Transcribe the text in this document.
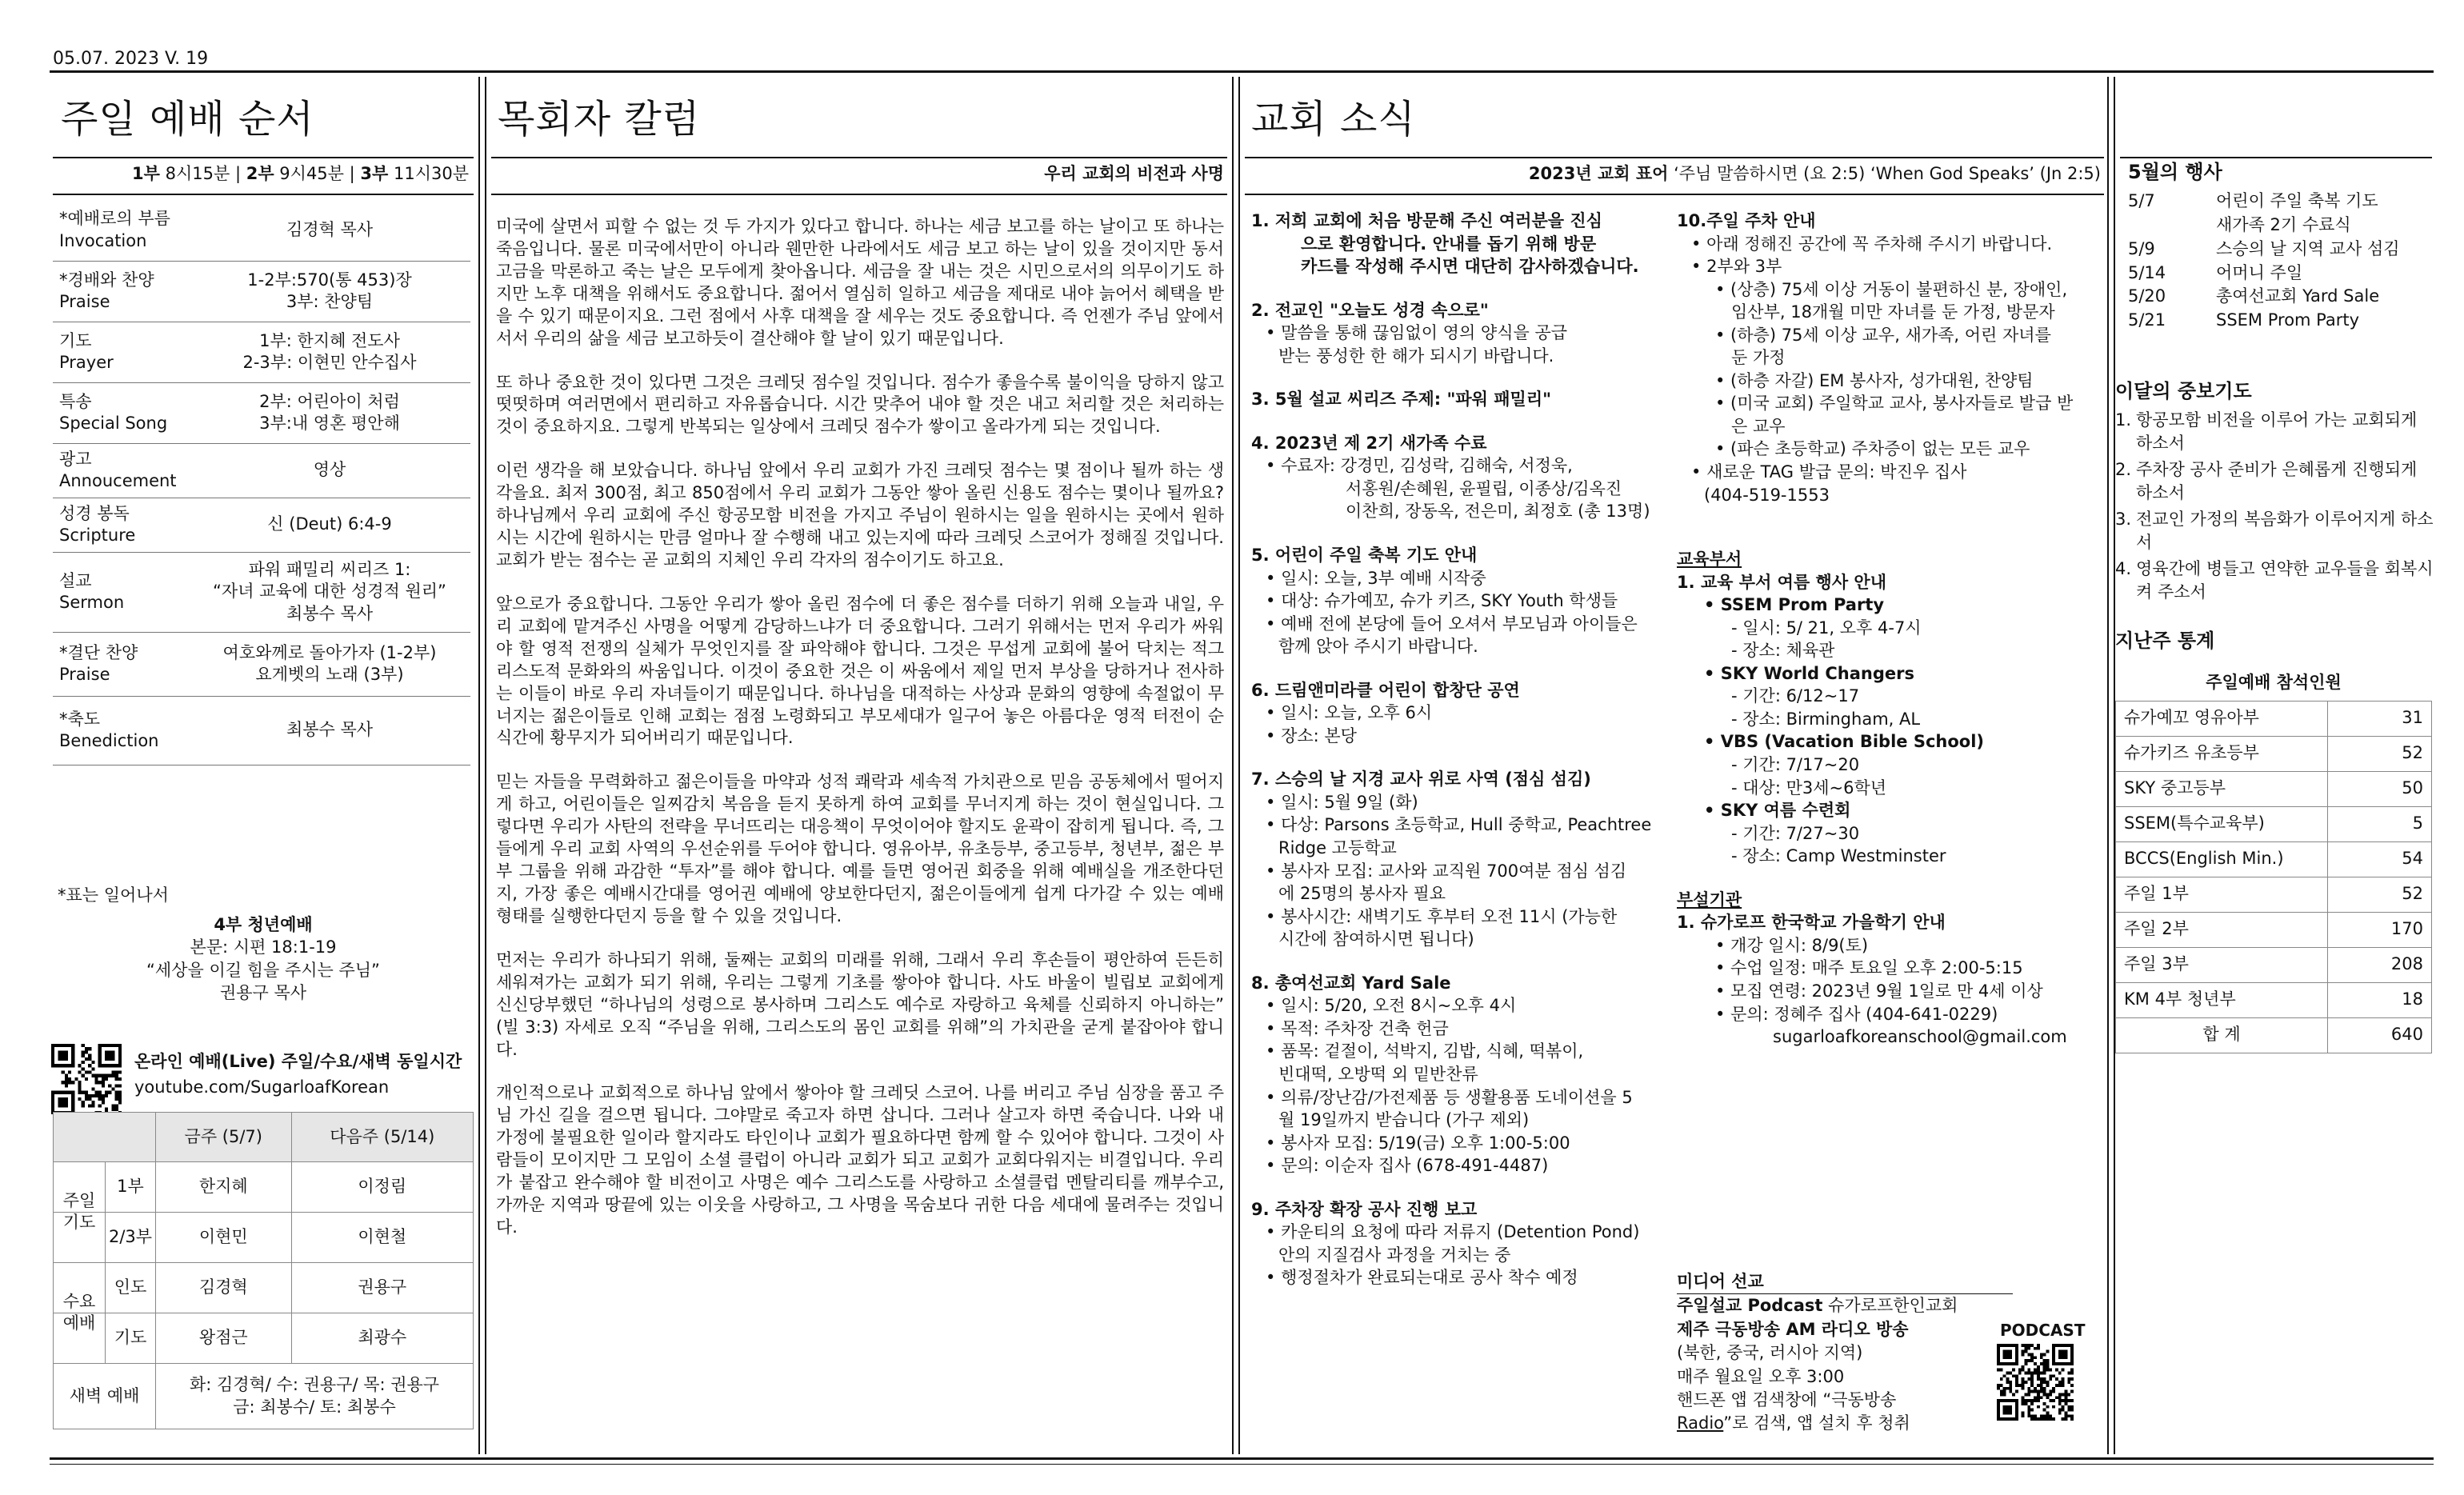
05.07. 2023 V. 19
주일 예배 순서
1부 8시15분 | 2부 9시45분 | 3부 11시30분
*예배로의 부름
Invocation	김경혁 목사

*경배와 찬양
Praise	1-2부:570(통 453)장
3부: 찬양팀

기도
Prayer	1부: 한지혜 전도사
2-3부: 이현민 안수집사

특송
Special Song	2부: 어린아이 처럼
3부:내 영혼 평안해

광고
Annoucement	영상

성경 봉독
Scripture	신 (Deut) 6:4-9

설교
Sermon	파워 패밀리 씨리즈 1:
“자녀 교육에 대한 성경적 원리”
최봉수 목사

*결단 찬양
Praise	여호와께로 돌아가자 (1-2부)
요게벳의 노래 (3부)

*축도
Benediction	최봉수 목사
*표는 일어나서
4부 청년예배
본문: 시편 18:1-19
“세상을 이길 힘을 주시는 주님”
권용구 목사
온라인 예배(Live) 주일/수요/새벽 동일시간
youtube.com/SugarloafKorean
	금주 (5/7)	다음주 (5/14)

주일
기도
1부	한지혜	이정림

2/3부	이현민	이현철

수요
예배
인도	김경혁	권용구

기도	왕점근	최광수
새벽 예배	화: 김경혁/ 수: 권용구/ 목: 권용구
금: 최봉수/ 토: 최봉수	
목회자 칼럼
우리 교회의 비전과 사명

미국에 살면서 피할 수 없는 것 두 가지가 있다고 합니다. 하나는 세금 보고를 하는 날이고 또 하나는 죽음입니다. 물론 미국에서만이 아니라 웬만한 나라에서도 세금 보고 하는 날이 있을 것이지만 동서고금을 막론하고 죽는 날은 모두에게 찾아옵니다. 세금을 잘 내는 것은 시민으로서의 의무이기도 하지만 노후 대책을 위해서도 중요합니다. 젊어서 열심히 일하고 세금을 제대로 내야 늙어서 혜택을 받을 수 있기 때문이지요. 그런 점에서 사후 대책을 잘 세우는 것도 중요합니다. 즉 언젠가 주님 앞에서 서서 우리의 삶을 세금 보고하듯이 결산해야 할 날이 있기 때문입니다.

또 하나 중요한 것이 있다면 그것은 크레딧 점수일 것입니다. 점수가 좋을수록 불이익을 당하지 않고 떳떳하며 여러면에서 편리하고 자유롭습니다. 시간 맞추어 내야 할 것은 내고 처리할 것은 처리하는 것이 중요하지요. 그렇게 반복되는 일상에서 크레딧 점수가 쌓이고 올라가게 되는 것입니다.

이런 생각을 해 보았습니다. 하나님 앞에서 우리 교회가 가진 크레딧 점수는 몇 점이나 될까 하는 생각을요. 최저 300점, 최고 850점에서 우리 교회가 그동안 쌓아 올린 신용도 점수는 몇이나 될까요? 하나님께서 우리 교회에 주신 항공모함 비전을 가지고 주님이 원하시는 일을 원하시는 곳에서 원하시는 시간에 원하시는 만큼 얼마나 잘 수행해 내고 있는지에 따라 크레딧 스코어가 정해질 것입니다. 교회가 받는 점수는 곧 교회의 지체인 우리 각자의 점수이기도 하고요.

앞으로가 중요합니다. 그동안 우리가 쌓아 올린 점수에 더 좋은 점수를 더하기 위해 오늘과 내일, 우리 교회에 맡겨주신 사명을 어떻게 감당하느냐가 더 중요합니다. 그러기 위해서는 먼저 우리가 싸워야 할 영적 전쟁의 실체가 무엇인지를 잘 파악해야 합니다. 그것은 무섭게 교회에 불어 닥치는 적그리스도적 문화와의 싸움입니다. 이것이 중요한 것은 이 싸움에서 제일 먼저 부상을 당하거나 전사하는 이들이 바로 우리 자녀들이기 때문입니다. 하나님을 대적하는 사상과 문화의 영향에 속절없이 무너지는 젊은이들로 인해 교회는 점점 노령화되고 부모세대가 일구어 놓은 아름다운 영적 터전이 순식간에 황무지가 되어버리기 때문입니다.

믿는 자들을 무력화하고 젊은이들을 마약과 성적 쾌락과 세속적 가치관으로 믿음 공동체에서 떨어지게 하고, 어린이들은 일찌감치 복음을 듣지 못하게 하여 교회를 무너지게 하는 것이 현실입니다. 그렇다면 우리가 사탄의 전략을 무너뜨리는 대응책이 무엇이어야 할지도 윤곽이 잡히게 됩니다. 즉, 그들에게 우리 교회 사역의 우선순위를 두어야 합니다. 영유아부, 유초등부, 중고등부, 청년부, 젊은 부부 그룹을 위해 과감한 “투자”를 해야 합니다. 예를 들면 영어권 회중을 위해 예배실을 개조한다던지, 가장 좋은 예배시간대를 영어권 예배에 양보한다던지, 젊은이들에게 쉽게 다가갈 수 있는 예배 형태를 실행한다던지 등을 할 수 있을 것입니다.

먼저는 우리가 하나되기 위해, 둘째는 교회의 미래를 위해, 그래서 우리 후손들이 평안하여 든든히 세워져가는 교회가 되기 위해, 우리는 그렇게 기초를 쌓아야 합니다. 사도 바울이 빌립보 교회에게 신신당부했던 “하나님의 성령으로 봉사하며 그리스도 예수로 자랑하고 육체를 신뢰하지 아니하는” (빌 3:3) 자세로 오직 “주님을 위해, 그리스도의 몸인 교회를 위해”의 가치관을 굳게 붙잡아야 합니다.

개인적으로나 교회적으로 하나님 앞에서 쌓아야 할 크레딧 스코어. 나를 버리고 주님 심장을 품고 주님 가신 길을 걸으면 됩니다. 그야말로 죽고자 하면 삽니다. 그러나 살고자 하면 죽습니다. 나와 내 가정에 불필요한 일이라 할지라도 타인이나 교회가 필요하다면 함께 할 수 있어야 합니다. 그것이 사람들이 모이지만 그 모임이 소셜 클럽이 아니라 교회가 되고 교회가 교회다워지는 비결입니다. 우리가 붙잡고 완수해야 할 비전이고 사명은 예수 그리스도를 사랑하고 소셜클럽 멘탈리티를 깨부수고, 가까운 지역과 땅끝에 있는 이웃을 사랑하고, 그 사명을 목숨보다 귀한 다음 세대에 물려주는 것입니다.

교회 소식
2023년 교회 표어 ‘주님 말씀하시면 (요 2:5) ‘When God Speaks’ (Jn 2:5)
1. 저희 교회에 처음 방문해 주신 여러분을 진심
으로 환영합니다. 안내를 돕기 위해 방문
카드를 작성해 주시면 대단히 감사하겠습니다.
2. 전교인 "오늘도 성경 속으로"
• 말씀을 통해 끊임없이 영의 양식을 공급
받는 풍성한 한 해가 되시기 바랍니다.
3. 5월 설교 씨리즈 주제: "파워 패밀리"
4. 2023년 제 2기 새가족 수료
• 수료자: 강경민, 김성락, 김해숙, 서정욱,
서홍원/손혜원, 윤필립, 이종상/김옥진
이찬희, 장동옥, 전은미, 최정호 (총 13명)
5. 어린이 주일 축복 기도 안내
• 일시: 오늘, 3부 예배 시작중
• 대상: 슈가예꼬, 슈가 키즈, SKY Youth 학생들
• 예배 전에 본당에 들어 오셔서 부모님과 아이들은
함께 앉아 주시기 바랍니다.
6. 드림앤미라클 어린이 합창단 공연
• 일시: 오늘, 오후 6시
• 장소: 본당
7. 스승의 날 지경 교사 위로 사역 (점심 섬김)
• 일시: 5월 9일 (화)
• 다상: Parsons 초등학교, Hull 중학교, Peachtree
Ridge 고등학교
• 봉사자 모집: 교사와 교직원 700여분 점심 섬김
에 25명의 봉사자 필요
• 봉사시간: 새벽기도 후부터 오전 11시 (가능한
시간에 참여하시면 됩니다)
8. 총여선교회 Yard Sale
• 일시: 5/20, 오전 8시~오후 4시
• 목적: 주차장 건축 헌금
• 품목: 겉절이, 석박지, 김밥, 식혜, 떡볶이,
빈대떡, 오방떡 외 밑반찬류
• 의류/장난감/가전제품 등 생활용품 도네이션을 5
월 19일까지 받습니다 (가구 제외)
• 봉사자 모집: 5/19(금) 오후 1:00-5:00
• 문의: 이순자 집사 (678-491-4487)
9. 주차장 확장 공사 진행 보고
• 카운티의 요청에 따라 저류지 (Detention Pond)
안의 지질검사 과정을 거치는 중
• 행정절차가 완료되는대로 공사 착수 예정
10.주일 주차 안내
• 아래 정해진 공간에 꼭 주차해 주시기 바랍니다.
• 2부와 3부
• (상층) 75세 이상 거동이 불편하신 분, 장애인,
임산부, 18개월 미만 자녀를 둔 가정, 방문자
• (하층) 75세 이상 교우, 새가족, 어린 자녀를
둔 가정
• (하층 자갈) EM 봉사자, 성가대원, 찬양팀
• (미국 교회) 주일학교 교사, 봉사자들로 발급 받
은 교우
• (파슨 초등학교) 주차증이 없는 모든 교우
• 새로운 TAG 발급 문의: 박진우 집사
(404-519-1553
교육부서
1. 교육 부서 여름 행사 안내
• SSEM Prom Party
- 일시: 5/ 21, 오후 4-7시
- 장소: 체육관
• SKY World Changers
- 기간: 6/12~17
- 장소: Birmingham, AL
• VBS (Vacation Bible School)
- 기간: 7/17~20
- 대상: 만3세~6학년
• SKY 여름 수련회
- 기간: 7/27~30
- 장소: Camp Westminster
부설기관
1. 슈가로프 한국학교 가을학기 안내
• 개강 일시: 8/9(토)
• 수업 일정: 매주 토요일 오후 2:00-5:15
• 모집 연령: 2023년 9월 1일로 만 4세 이상
• 문의: 정혜주 집사 (404-641-0229)
sugarloafkoreanschool@gmail.com
미디어 선교
주일설교 Podcast 슈가로프한인교회
제주 극동방송 AM 라디오 방송
(북한, 중국, 러시아 지역)
매주 월요일 오후 3:00
핸드폰 앱 검색창에 “극동방송
Radio”로 검색, 앱 설치 후 청취
PODCAST
5월의 행사
5/7	어린이 주일 축복 기도
새가족 2기 수료식
5/9	스승의 날 지역 교사 섬김
5/14	어머니 주일
5/20	총여선교회 Yard Sale
5/21	SSEM Prom Party
이달의 중보기도
1. 항공모함 비전을 이루어 가는 교회되게 하소서
2. 주차장 공사 준비가 은혜롭게 진행되게 하소서
3. 전교인 가정의 복음화가 이루어지게 하소서
4. 영육간에 병들고 연약한 교우들을 회복시켜 주소서
지난주 통계
주일예배 참석인원	
슈가예꼬 영유아부	31
슈가키즈 유초등부	52
SKY 중고등부	50
SSEM(특수교육부)	5
BCCS(English Min.)	54
주일 1부	52
주일 2부	170
주일 3부	208
KM 4부 청년부	18
합 계	640
